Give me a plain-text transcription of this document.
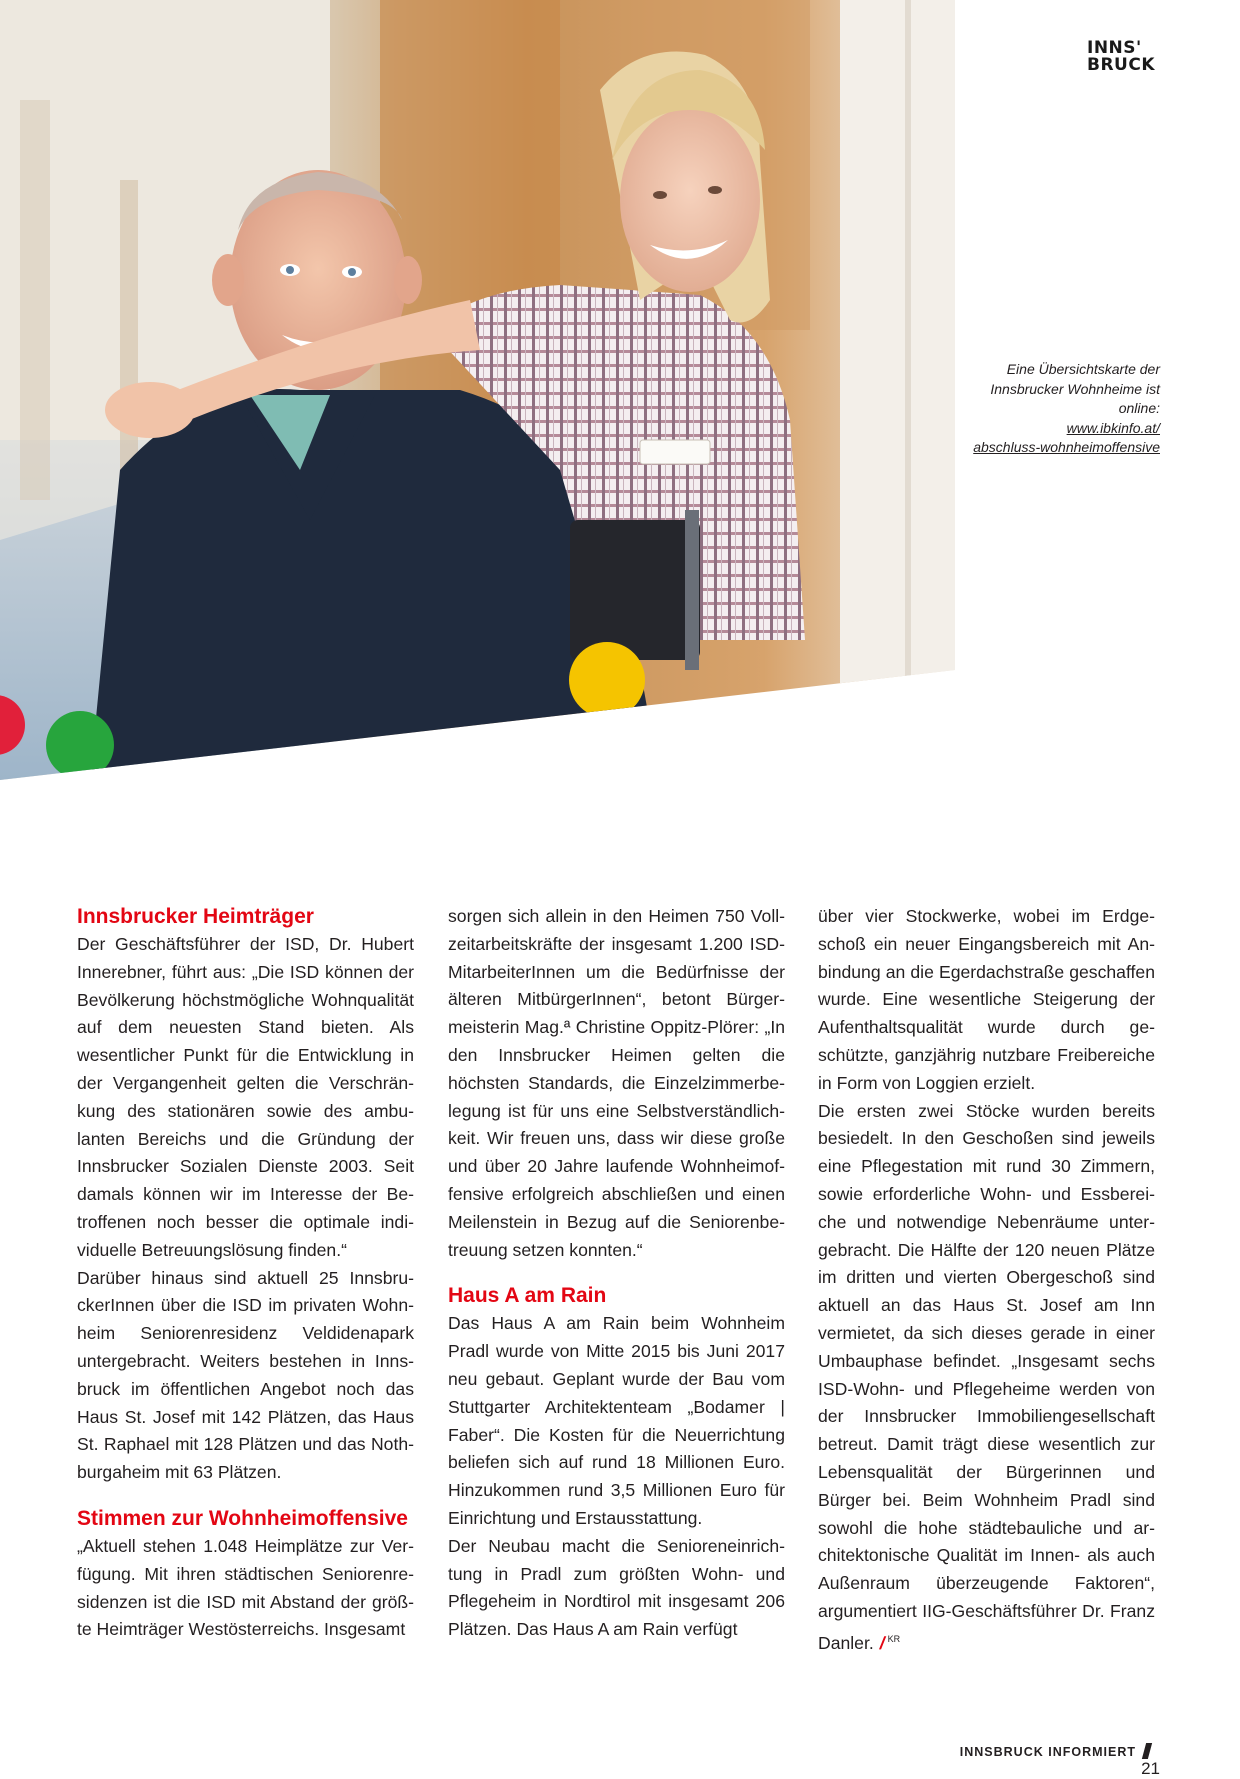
INNS'
BRUCK
Eine Übersichtskarte der Innsbrucker Wohnheime ist online:
www.ibkinfo.at/
abschluss-wohnheimoffensive
Innsbrucker Heimträger

Der Geschäftsführer der ISD, Dr. Hubert Innerebner, führt aus: „Die ISD können der Bevölkerung höchstmögliche Wohnqualität auf dem neuesten Stand bieten. Als wesentlicher Punkt für die Entwicklung in der Vergangenheit gelten die Verschränkung des stationären sowie des ambulanten Bereichs und die Gründung der Innsbrucker Sozialen Dienste 2003. Seit damals können wir im Interesse der Betroffenen noch besser die optimale individuelle Betreuungslösung finden.“

Darüber hinaus sind aktuell 25 InnsbruckerInnen über die ISD im privaten Wohnheim Seniorenresidenz Veldidenapark untergebracht. Weiters bestehen in Innsbruck im öffentlichen Angebot noch das Haus St. Josef mit 142 Plätzen, das Haus St. Raphael mit 128 Plätzen und das Nothburgaheim mit 63 Plätzen.

Stimmen zur Wohnheimoffensive

„Aktuell stehen 1.048 Heimplätze zur Verfügung. Mit ihren städtischen Seniorenresidenzen ist die ISD mit Abstand der größte Heimträger Westösterreichs. Insgesamt

sorgen sich allein in den Heimen 750 Vollzeitarbeitskräfte der insgesamt 1.200 ISD-MitarbeiterInnen um die Bedürfnisse der älteren MitbürgerInnen“, betont Bürgermeisterin Mag.ª Christine Oppitz-Plörer: „In den Innsbrucker Heimen gelten die höchsten Standards, die Einzelzimmerbelegung ist für uns eine Selbstverständlichkeit. Wir freuen uns, dass wir diese große und über 20 Jahre laufende Wohnheimoffensive erfolgreich abschließen und einen Meilenstein in Bezug auf die Seniorenbetreuung setzen konnten.“

Haus A am Rain

Das Haus A am Rain beim Wohnheim Pradl wurde von Mitte 2015 bis Juni 2017 neu gebaut. Geplant wurde der Bau vom Stuttgarter Architektenteam „Bodamer | Faber“. Die Kosten für die Neuerrichtung beliefen sich auf rund 18 Millionen Euro. Hinzukommen rund 3,5 Millionen Euro für Einrichtung und Erstausstattung.

Der Neubau macht die Senioreneinrichtung in Pradl zum größten Wohn- und Pflegeheim in Nordtirol mit insgesamt 206 Plätzen. Das Haus A am Rain verfügt

über vier Stockwerke, wobei im Erdgeschoß ein neuer Eingangsbereich mit Anbindung an die Egerdachstraße geschaffen wurde. Eine wesentliche Steigerung der Aufenthaltsqualität wurde durch geschützte, ganzjährig nutzbare Freibereiche in Form von Loggien erzielt.

Die ersten zwei Stöcke wurden bereits besiedelt. In den Geschoßen sind jeweils eine Pflegestation mit rund 30 Zimmern, sowie erforderliche Wohn- und Essbereiche und notwendige Nebenräume untergebracht. Die Hälfte der 120 neuen Plätze im dritten und vierten Obergeschoß sind aktuell an das Haus St. Josef am Inn vermietet, da sich dieses gerade in einer Umbauphase befindet. „Insgesamt sechs ISD-Wohn- und Pflegeheime werden von der Innsbrucker Immobiliengesellschaft betreut. Damit trägt diese wesentlich zur Lebensqualität der Bürgerinnen und Bürger bei. Beim Wohnheim Pradl sind sowohl die hohe städtebauliche und architektonische Qualität im Innen- als auch Außenraum überzeugende Faktoren“, argumentiert IIG-Geschäftsführer Dr. Franz Danler. /$^{KR}$

INNSBRUCK INFORMIERT21
